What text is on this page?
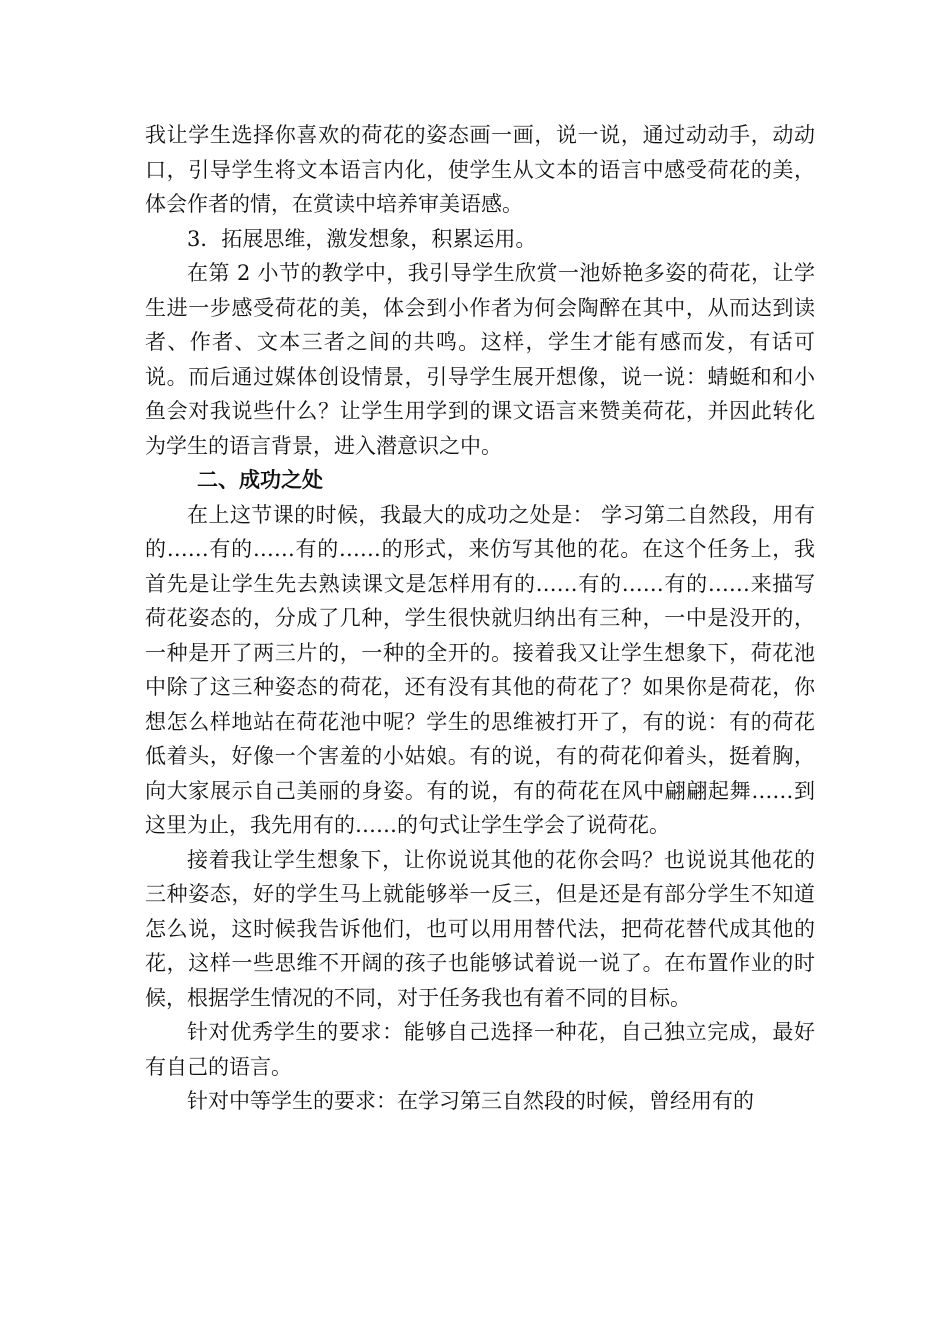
我让学生选择你喜欢的荷花的姿态画一画，说一说，通过动动手，动动口，引导学生将文本语言内化，使学生从文本的语言中感受荷花的美，体会作者的情，在赏读中培养审美语感。

3．拓展思维，激发想象，积累运用。

在第 2 小节的教学中，我引导学生欣赏一池娇艳多姿的荷花，让学生进一步感受荷花的美，体会到小作者为何会陶醉在其中，从而达到读者、作者、文本三者之间的共鸣。这样，学生才能有感而发，有话可说。而后通过媒体创设情景，引导学生展开想像，说一说：蜻蜓和和小鱼会对我说些什么？让学生用学到的课文语言来赞美荷花，并因此转化为学生的语言背景，进入潜意识之中。

二、成功之处

在上这节课的时候，我最大的成功之处是： 学习第二自然段，用有的……有的……有的……的形式，来仿写其他的花。在这个任务上，我首先是让学生先去熟读课文是怎样用有的……有的……有的……来描写荷花姿态的，分成了几种，学生很快就归纳出有三种，一中是没开的，一种是开了两三片的，一种的全开的。接着我又让学生想象下，荷花池中除了这三种姿态的荷花，还有没有其他的荷花了？如果你是荷花，你想怎么样地站在荷花池中呢？学生的思维被打开了，有的说：有的荷花低着头，好像一个害羞的小姑娘。有的说，有的荷花仰着头，挺着胸，向大家展示自己美丽的身姿。有的说，有的荷花在风中翩翩起舞……到这里为止，我先用有的……的句式让学生学会了说荷花。

接着我让学生想象下，让你说说其他的花你会吗？也说说其他花的三种姿态，好的学生马上就能够举一反三，但是还是有部分学生不知道怎么说，这时候我告诉他们，也可以用用替代法，把荷花替代成其他的花，这样一些思维不开阔的孩子也能够试着说一说了。在布置作业的时候，根据学生情况的不同，对于任务我也有着不同的目标。

针对优秀学生的要求：能够自己选择一种花，自己独立完成，最好有自己的语言。

针对中等学生的要求：在学习第三自然段的时候，曾经用有的
